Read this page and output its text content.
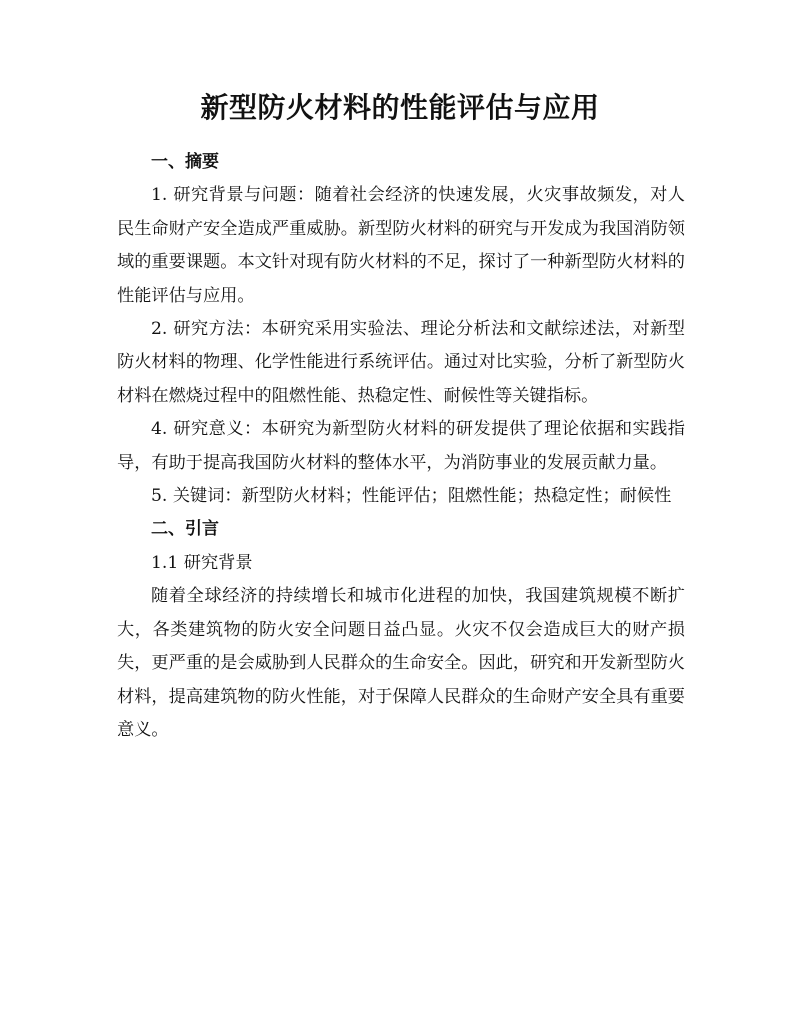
新型防火材料的性能评估与应用

一、摘要

1. 研究背景与问题：随着社会经济的快速发展，火灾事故频发，对人民生命财产安全造成严重威胁。新型防火材料的研究与开发成为我国消防领域的重要课题。本文针对现有防火材料的不足，探讨了一种新型防火材料的性能评估与应用。

2. 研究方法：本研究采用实验法、理论分析法和文献综述法，对新型防火材料的物理、化学性能进行系统评估。通过对比实验，分析了新型防火材料在燃烧过程中的阻燃性能、热稳定性、耐候性等关键指标。

4. 研究意义：本研究为新型防火材料的研发提供了理论依据和实践指导，有助于提高我国防火材料的整体水平，为消防事业的发展贡献力量。

5. 关键词：新型防火材料；性能评估；阻燃性能；热稳定性；耐候性

二、引言

1.1 研究背景

随着全球经济的持续增长和城市化进程的加快，我国建筑规模不断扩大，各类建筑物的防火安全问题日益凸显。火灾不仅会造成巨大的财产损失，更严重的是会威胁到人民群众的生命安全。因此，研究和开发新型防火材料，提高建筑物的防火性能，对于保障人民群众的生命财产安全具有重要意义。
